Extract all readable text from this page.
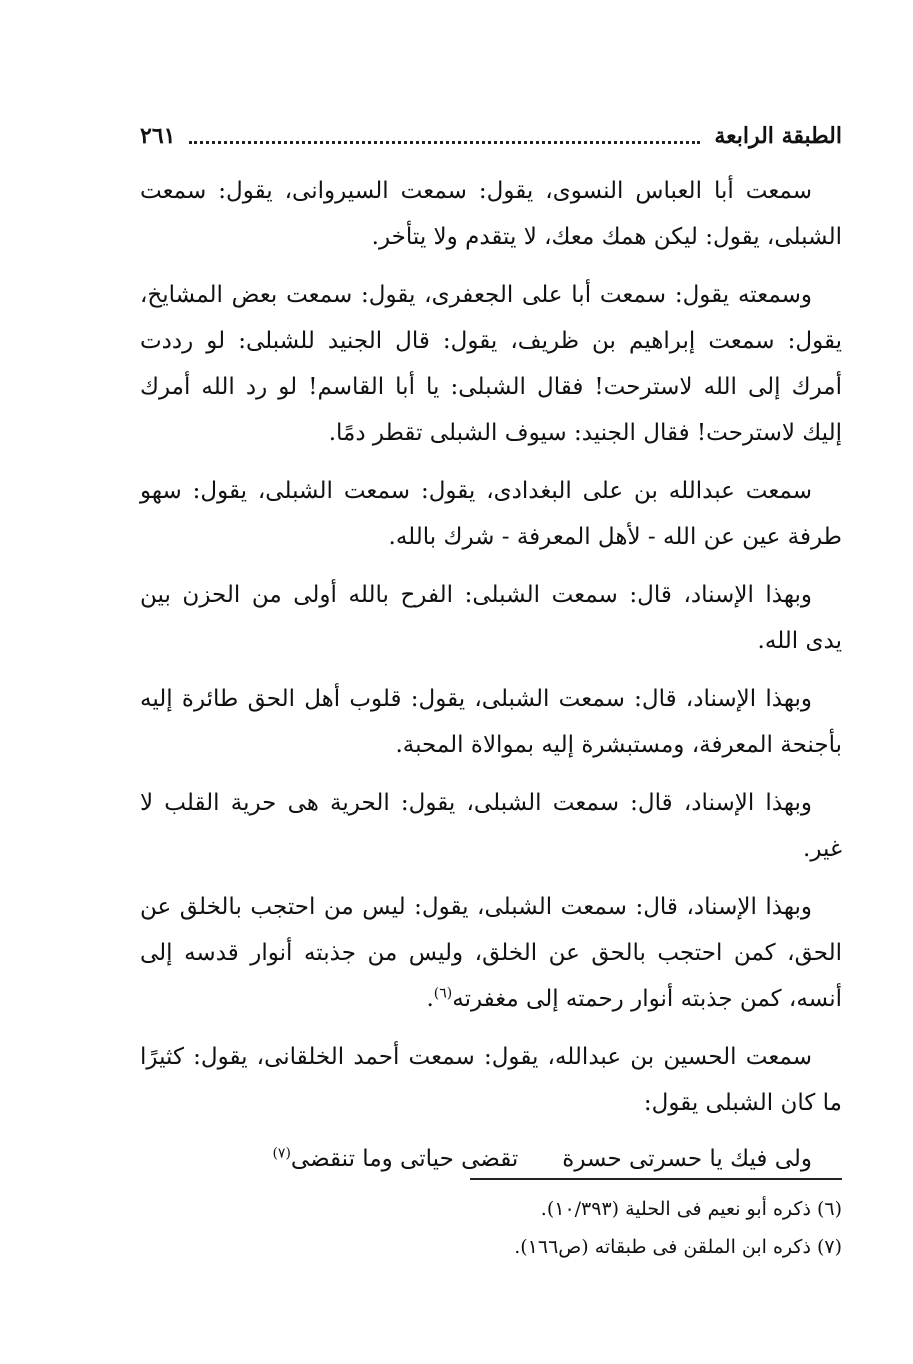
الطبقة الرابعة
٢٦١

سمعت أبا العباس النسوى، يقول: سمعت السيروانى، يقول: سمعت الشبلى، يقول: ليكن همك معك، لا يتقدم ولا يتأخر.

وسمعته يقول: سمعت أبا على الجعفرى، يقول: سمعت بعض المشايخ، يقول: سمعت إبراهيم بن ظريف، يقول: قال الجنيد للشبلى: لو رددت أمرك إلى الله لاسترحت! فقال الشبلى: يا أبا القاسم! لو رد الله أمرك إليك لاسترحت! فقال الجنيد: سيوف الشبلى تقطر دمًا.

سمعت عبدالله بن على البغدادى، يقول: سمعت الشبلى، يقول: سهو طرفة عين عن الله - لأهل المعرفة - شرك بالله.

وبهذا الإسناد، قال: سمعت الشبلى: الفرح بالله أولى من الحزن بين يدى الله.

وبهذا الإسناد، قال: سمعت الشبلى، يقول: قلوب أهل الحق طائرة إليه بأجنحة المعرفة، ومستبشرة إليه بموالاة المحبة.

وبهذا الإسناد، قال: سمعت الشبلى، يقول: الحرية هى حرية القلب لا غير.

وبهذا الإسناد، قال: سمعت الشبلى، يقول: ليس من احتجب بالخلق عن الحق، كمن احتجب بالحق عن الخلق، وليس من جذبته أنوار قدسه إلى أنسه، كمن جذبته أنوار رحمته إلى مغفرته$^{(٦)}$.

سمعت الحسين بن عبدالله، يقول: سمعت أحمد الخلقانى، يقول: كثيرًا ما كان الشبلى يقول:

ولى فيك يا حسرتى حسرة
تقضى حياتى وما تنقضى$^{(٧)}$
(٦) ذكره أبو نعيم فى الحلية (١٠/٣٩٣).
(٧) ذكره ابن الملقن فى طبقاته (ص١٦٦).
